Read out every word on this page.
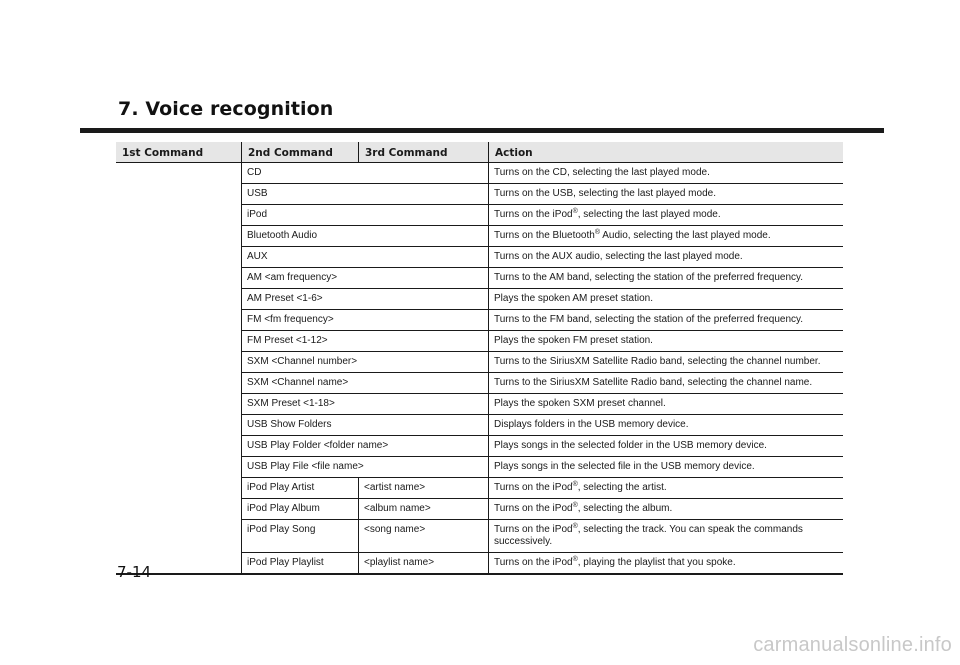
7. Voice recognition
1st Command	2nd Command	3rd Command	Action
	CD		Turns on the CD, selecting the last played mode.
	USB		Turns on the USB, selecting the last played mode.
	iPod		Turns on the iPod®, selecting the last played mode.
	Bluetooth Audio		Turns on the Bluetooth® Audio, selecting the last played mode.
	AUX		Turns on the AUX audio, selecting the last played mode.
	AM <am frequency>		Turns to the AM band, selecting the station of the preferred frequency.
	AM Preset <1-6>		Plays the spoken AM preset station.
	FM <fm frequency>		Turns to the FM band, selecting the station of the preferred frequency.
	FM Preset <1-12>		Plays the spoken FM preset station.
	SXM <Channel number>		Turns to the SiriusXM Satellite Radio band, selecting the channel number.
	SXM <Channel name>		Turns to the SiriusXM Satellite Radio band, selecting the channel name.
	SXM Preset <1-18>		Plays the spoken SXM preset channel.
	USB Show Folders		Displays folders in the USB memory device.
	USB Play Folder <folder name>		Plays songs in the selected folder in the USB memory device.
	USB Play File <file name>		Plays songs in the selected file in the USB memory device.
	iPod Play Artist	<artist name>	Turns on the iPod®, selecting the artist.
	iPod Play Album	<album name>	Turns on the iPod®, selecting the album.
	iPod Play Song	<song name>	Turns on the iPod®, selecting the track. You can speak the commands successively.
	iPod Play Playlist	<playlist name>	Turns on the iPod®, playing the playlist that you spoke.
7-14
carmanualsonline.info
